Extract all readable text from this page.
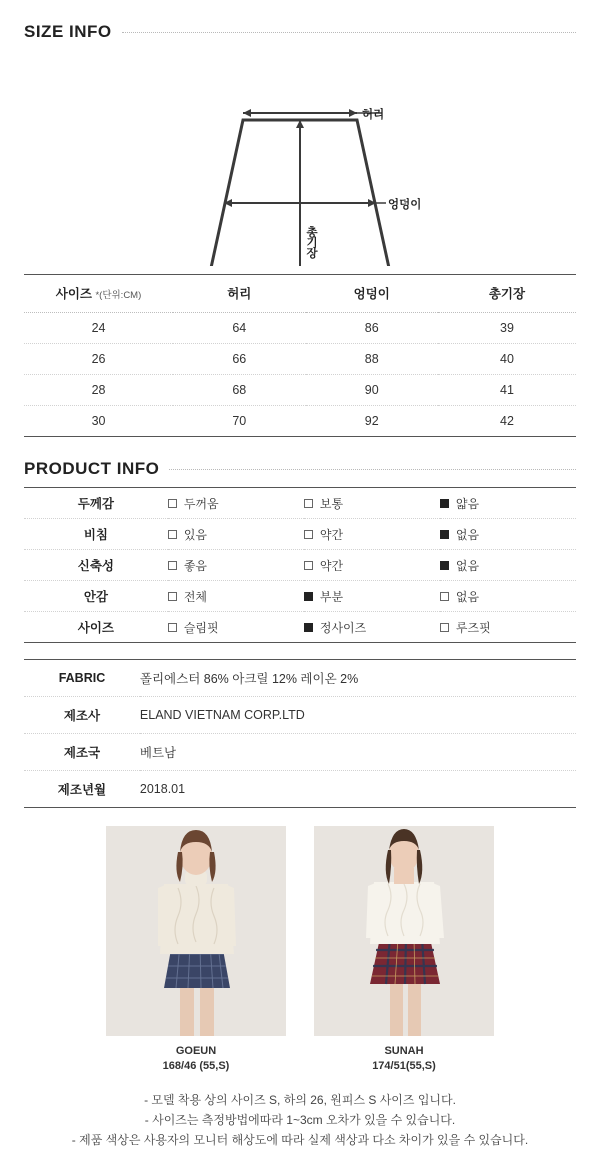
SIZE INFO
허리
엉덩이
총기장
사이즈 *(단위:CM)	허리	엉덩이	총기장
24	64	86	39
26	66	88	40
28	68	90	41
30	70	92	42
PRODUCT INFO
두께감	두꺼움	보통	얇음

비침	있음	약간	없음

신축성	좋음	약간	없음

안감	전체	부분	없음

사이즈	슬림핏	정사이즈	루즈핏
FABRIC	폴리에스터 86% 아크릴 12% 레이온 2%
제조사	ELAND VIETNAM CORP.LTD
제조국	베트남
제조년월	2018.01
GOEUN
168/46 (55,S)
SUNAH
174/51(55,S)
- 모델 착용 상의 사이즈 S, 하의 26, 원피스 S 사이즈 입니다.
- 사이즈는 측정방법에따라 1~3cm 오차가 있을 수 있습니다.
- 제품 색상은 사용자의 모니터 해상도에 따라 실제 색상과 다소 차이가 있을 수 있습니다.
